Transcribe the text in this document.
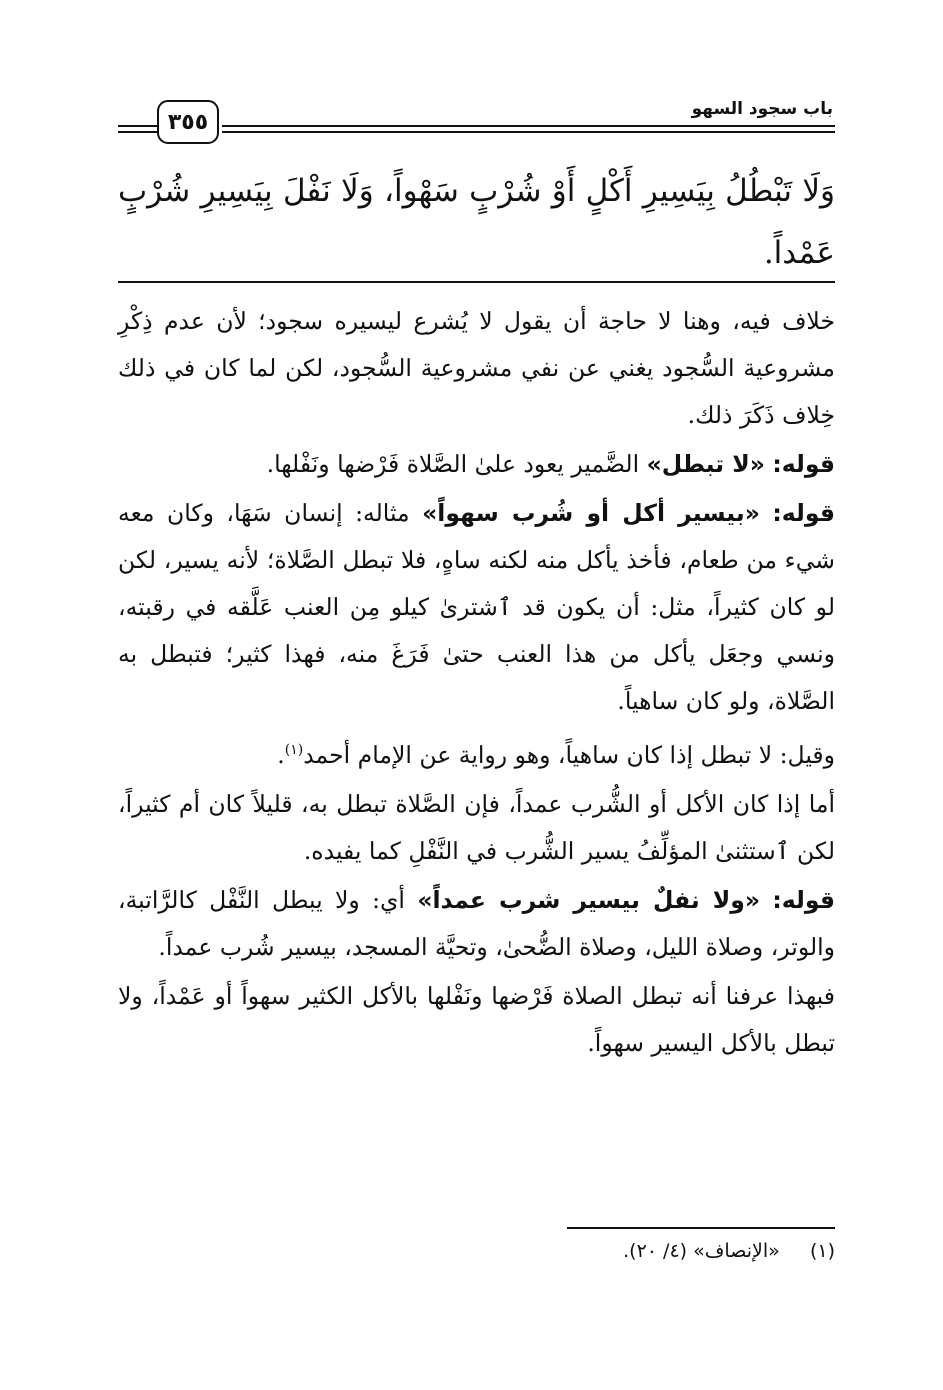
باب سجود السهو
٣٥٥
وَلَا تَبْطُلُ بِيَسِيرِ أَكْلٍ أَوْ شُرْبٍ سَهْواً، وَلَا نَفْلَ بِيَسِيرِ شُرْبٍ عَمْداً.

خلاف فيه، وهنا لا حاجة أن يقول لا يُشرع ليسيره سجود؛ لأن عدم ذِكْرِ مشروعية السُّجود يغني عن نفي مشروعية السُّجود، لكن لما كان في ذلك خِلاف ذَكَرَ ذلك.

قوله: «لا تبطل» الضَّمير يعود علىٰ الصَّلاة فَرْضها ونَفْلها.

قوله: «بيسير أكل أو شُرب سهواً» مثاله: إنسان سَهَا، وكان معه شيء من طعام، فأخذ يأكل منه لكنه ساهٍ، فلا تبطل الصَّلاة؛ لأنه يسير، لكن لو كان كثيراً، مثل: أن يكون قد ٱشترىٰ كيلو مِن العنب عَلَّقه في رقبته، ونسي وجعَل يأكل من هذا العنب حتىٰ فَرَغَ منه، فهذا كثير؛ فتبطل به الصَّلاة، ولو كان ساهياً.

وقيل: لا تبطل إذا كان ساهياً، وهو رواية عن الإمام أحمد$^{(١)}$.

أما إذا كان الأكل أو الشُّرب عمداً، فإن الصَّلاة تبطل به، قليلاً كان أم كثيراً، لكن ٱستثنىٰ المؤلِّفُ يسير الشُّرب في النَّفْلِ كما يفيده.

قوله: «ولا نفلٌ بيسير شرب عمداً» أي: ولا يبطل النَّفْل كالرَّاتبة، والوتر، وصلاة الليل، وصلاة الضُّحىٰ، وتحيَّة المسجد، بيسير شُرب عمداً.

فبهذا عرفنا أنه تبطل الصلاة فَرْضها ونَفْلها بالأكل الكثير سهواً أو عَمْداً، ولا تبطل بالأكل اليسير سهواً.

(١)     «الإنصاف» (٤/ ٢٠).
